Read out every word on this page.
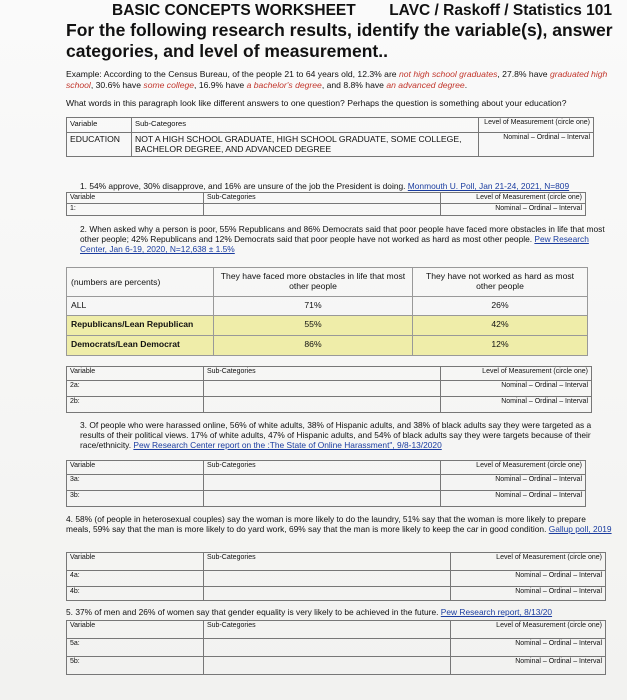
BASIC CONCEPTS WORKSHEET LAVC / Raskoff / Statistics 101
For the following research results, identify the variable(s), answer categories, and level of measurement..
Example: According to the Census Bureau, of the people 21 to 64 years old, 12.3% are not high school graduates, 27.8% have graduated high school, 30.6% have some college, 16.9% have a bachelor's degree, and 8.8% have an advanced degree.
What words in this paragraph look like different answers to one question? Perhaps the question is something about your education?
Variable	Sub-Categores	Level of Measurement (circle one)
EDUCATION	NOT A HIGH SCHOOL GRADUATE, HIGH SCHOOL GRADUATE, SOME COLLEGE, BACHELOR DEGREE, AND ADVANCED DEGREE	Nominal – Ordinal – Interval
1. 54% approve, 30% disapprove, and 16% are unsure of the job the President is doing. Monmouth U. Poll, Jan 21-24, 2021, N=809
Variable	Sub-Categories	Level of Measurement (circle one)
1:		Nominal – Ordinal – Interval
2. When asked why a person is poor, 55% Republicans and 86% Democrats said that poor people have faced more obstacles in life that most other people; 42% Republicans and 12% Democrats said that poor people have not worked as hard as most other people. Pew Research Center, Jan 6-19, 2020, N=12,638 ± 1.5%
(numbers are percents)	They have faced more obstacles in life that most other people	They have not worked as hard as most other people
ALL	71%	26%
Republicans/Lean Republican	55%	42%
Democrats/Lean Democrat	86%	12%
Variable	Sub-Categories	Level of Measurement (circle one)
2a:		Nominal – Ordinal – Interval
2b:		Nominal – Ordinal – Interval
3. Of people who were harassed online, 56% of white adults, 38% of Hispanic adults, and 38% of black adults say they were targeted as a results of their political views. 17% of white adults, 47% of Hispanic adults, and 54% of black adults say they were targets because of their race/ethnicity. Pew Research Center report on the :The State of Online Harassment", 9/8-13/2020
Variable	Sub-Categories	Level of Measurement (circle one)
3a:		Nominal – Ordinal – Interval
3b:		Nominal – Ordinal – Interval
4. 58% (of people in heterosexual couples) say the woman is more likely to do the laundry, 51% say that the woman is more likely to prepare meals, 59% say that the man is more likely to do yard work, 69% say that the man is more likely to keep the car in good condition. Gallup poll, 2019
Variable	Sub-Categories	Level of Measurement (circle one)
4a:		Nominal – Ordinal – Interval
4b:		Nominal – Ordinal – Interval
5. 37% of men and 26% of women say that gender equality is very likely to be achieved in the future. Pew Research report, 8/13/20
Variable	Sub-Categories	Level of Measurement (circle one)
5a:		Nominal – Ordinal – Interval
5b:		Nominal – Ordinal – Interval
